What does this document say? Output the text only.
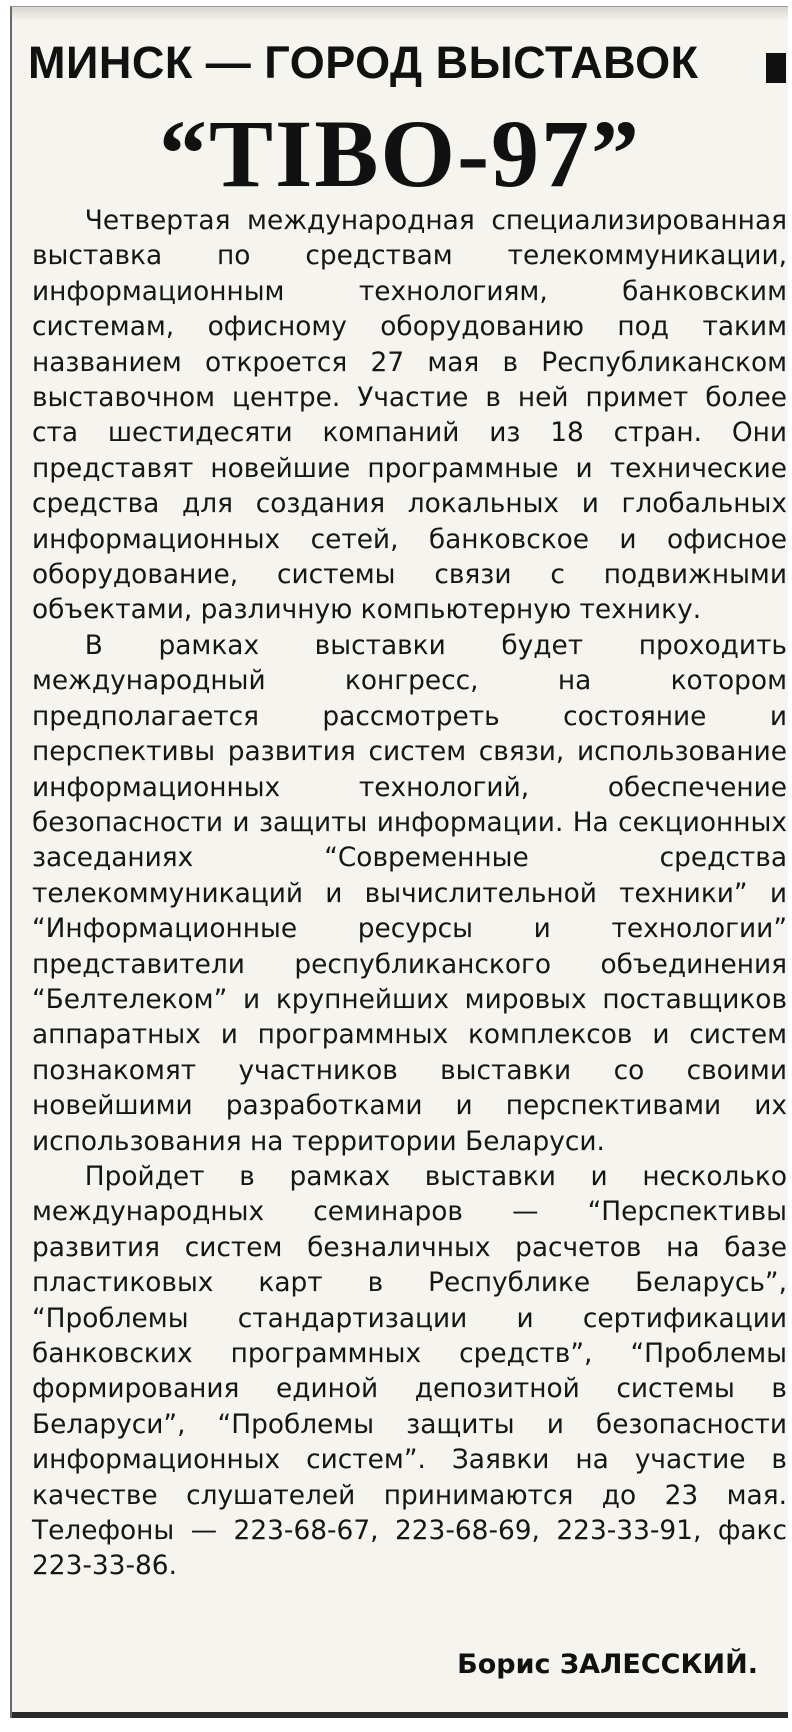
МИНСК — ГОРОД ВЫСТАВОК
“TIBO-97”

Четвертая международная специализированная выставка по средствам телекоммуникации, информационным технологиям, банковским системам, офисному оборудованию под таким названием откроется 27 мая в Республиканском выставочном центре. Участие в ней примет более ста шестидесяти компаний из 18 стран. Они представят новейшие программные и технические средства для создания локальных и глобальных информационных сетей, банковское и офисное оборудование, системы связи с подвижными объектами, различную компьютерную технику.

В рамках выставки будет проходить международный конгресс, на котором предполагается рассмотреть состояние и перспективы развития систем связи, использование информационных технологий, обеспечение безопасности и защиты информации. На секционных заседаниях “Современные средства телекоммуникаций и вычислительной техники” и “Информационные ресурсы и технологии” представители республиканского объединения “Белтелеком” и крупнейших мировых поставщиков аппаратных и программных комплексов и систем познакомят участников выставки со своими новейшими разработками и перспективами их использования на территории Беларуси.

Пройдет в рамках выставки и несколько международных семинаров — “Перспективы развития систем безналичных расчетов на базе пластиковых карт в Республике Беларусь”, “Проблемы стандартизации и сертификации банковских программных средств”, “Проблемы формирования единой депозитной системы в Беларуси”, “Проблемы защиты и безопасности информационных систем”. Заявки на участие в качестве слушателей принимаются до 23 мая. Телефоны — 223-68-67, 223-68-69, 223-33-91, факс 223-33-86.

Борис ЗАЛЕССКИЙ.
